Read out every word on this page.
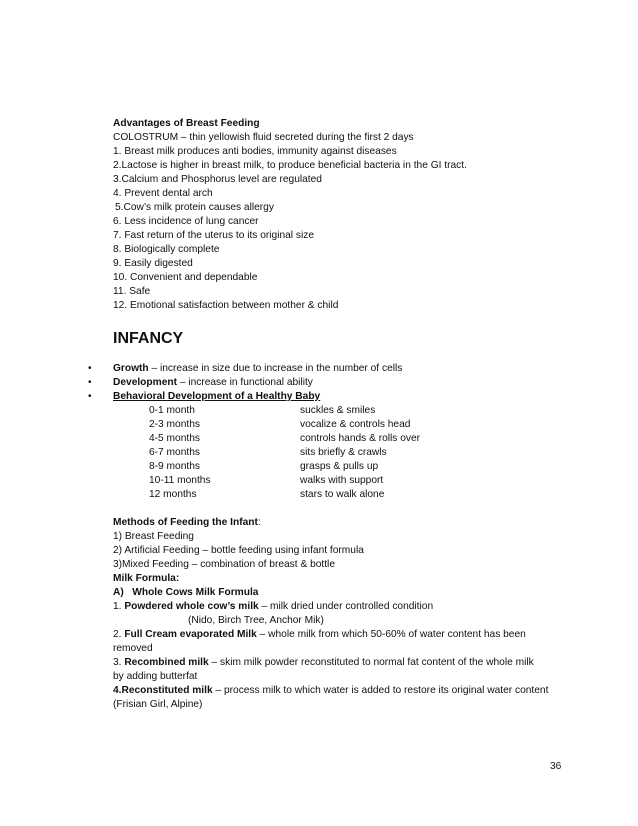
Advantages of Breast Feeding
COLOSTRUM – thin yellowish fluid secreted during the first 2 days
1. Breast milk produces anti bodies, immunity against diseases
2.Lactose is higher in breast milk, to produce beneficial bacteria in the GI tract.
3.Calcium and Phosphorus level are regulated
4. Prevent dental arch
5.Cow’s milk protein causes allergy
6. Less incidence of lung cancer
7. Fast return of the uterus to its original size
8. Biologically complete
9. Easily digested
10. Convenient and dependable
11. Safe
12. Emotional satisfaction between mother & child
INFANCY
• Growth – increase in size due to increase in the number of cells
• Development – increase in functional ability
• Behavioral Development of a Healthy Baby
0-1 month	suckles & smiles
2-3 months	vocalize & controls head
4-5 months	controls hands & rolls over
6-7 months	sits briefly & crawls
8-9 months	grasps & pulls up
10-11 months	walks with support
12 months	stars to walk alone
Methods of Feeding the Infant:
1) Breast Feeding
2) Artificial Feeding – bottle feeding using infant formula
3)Mixed Feeding – combination of breast & bottle
Milk Formula:
A)   Whole Cows Milk Formula
1. Powdered whole cow’s milk – milk dried under controlled condition
(Nido, Birch Tree, Anchor Mik)
2. Full Cream evaporated Milk – whole milk from which 50-60% of water content has been
removed
3. Recombined milk – skim milk powder reconstituted to normal fat content of the whole milk
by adding butterfat
4.Reconstituted milk – process milk to which water is added to restore its original water content
(Frisian Girl, Alpine)
36
